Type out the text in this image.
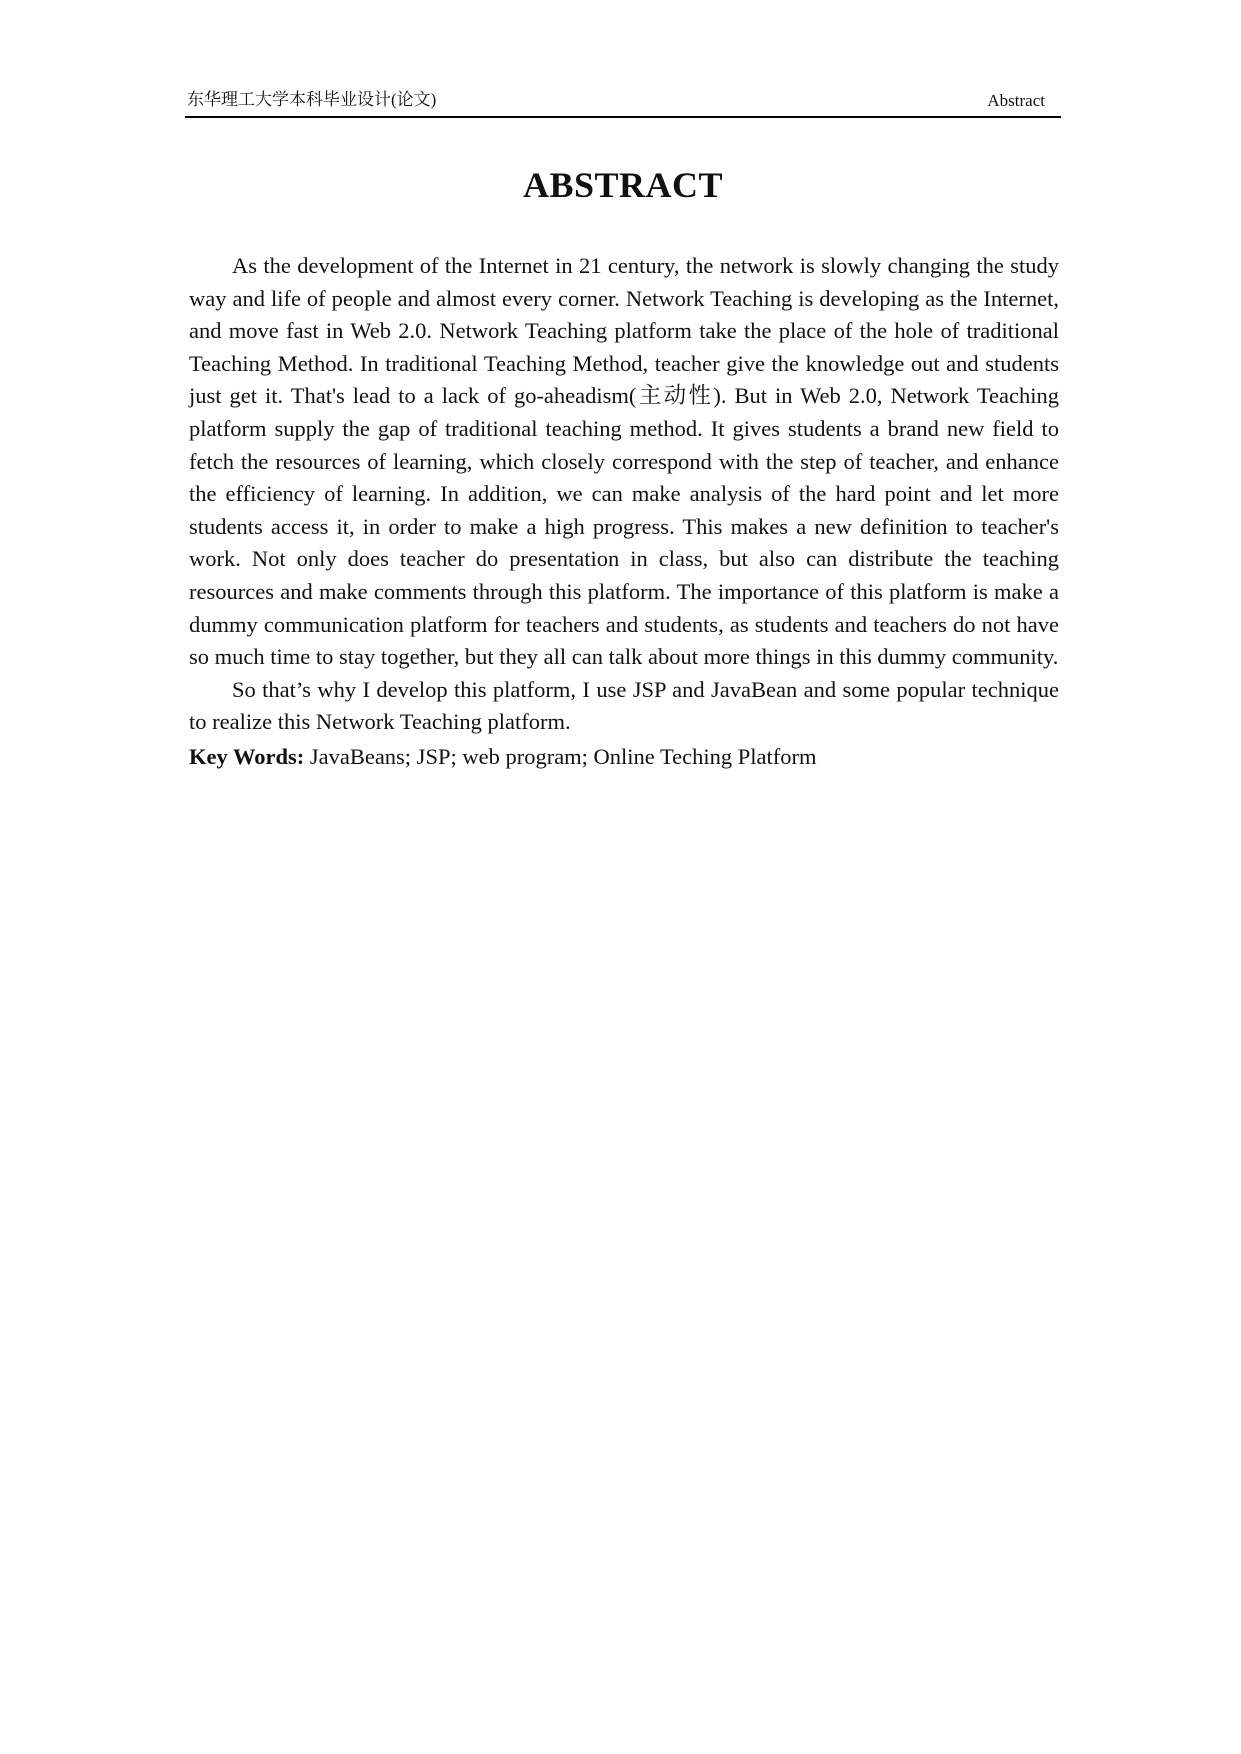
东华理工大学本科毕业设计(论文)	Abstract
ABSTRACT

As the development of the Internet in 21 century, the network is slowly changing the study way and life of people and almost every corner. Network Teaching is developing as the Internet, and move fast in Web 2.0. Network Teaching platform take the place of the hole of traditional Teaching Method. In traditional Teaching Method, teacher give the knowledge out and students just get it. That's lead to a lack of go-aheadism(主动性). But in Web 2.0, Network Teaching platform supply the gap of traditional teaching method. It gives students a brand new field to fetch the resources of learning, which closely correspond with the step of teacher, and enhance the efficiency of learning. In addition, we can make analysis of the hard point and let more students access it, in order to make a high progress. This makes a new definition to teacher's work. Not only does teacher do presentation in class, but also can distribute the teaching resources and make comments through this platform. The importance of this platform is make a dummy communication platform for teachers and students, as students and teachers do not have so much time to stay together, but they all can talk about more things in this dummy community.

So that’s why I develop this platform, I use JSP and JavaBean and some popular technique to realize this Network Teaching platform.

Key Words: JavaBeans; JSP; web program; Online Teching Platform
